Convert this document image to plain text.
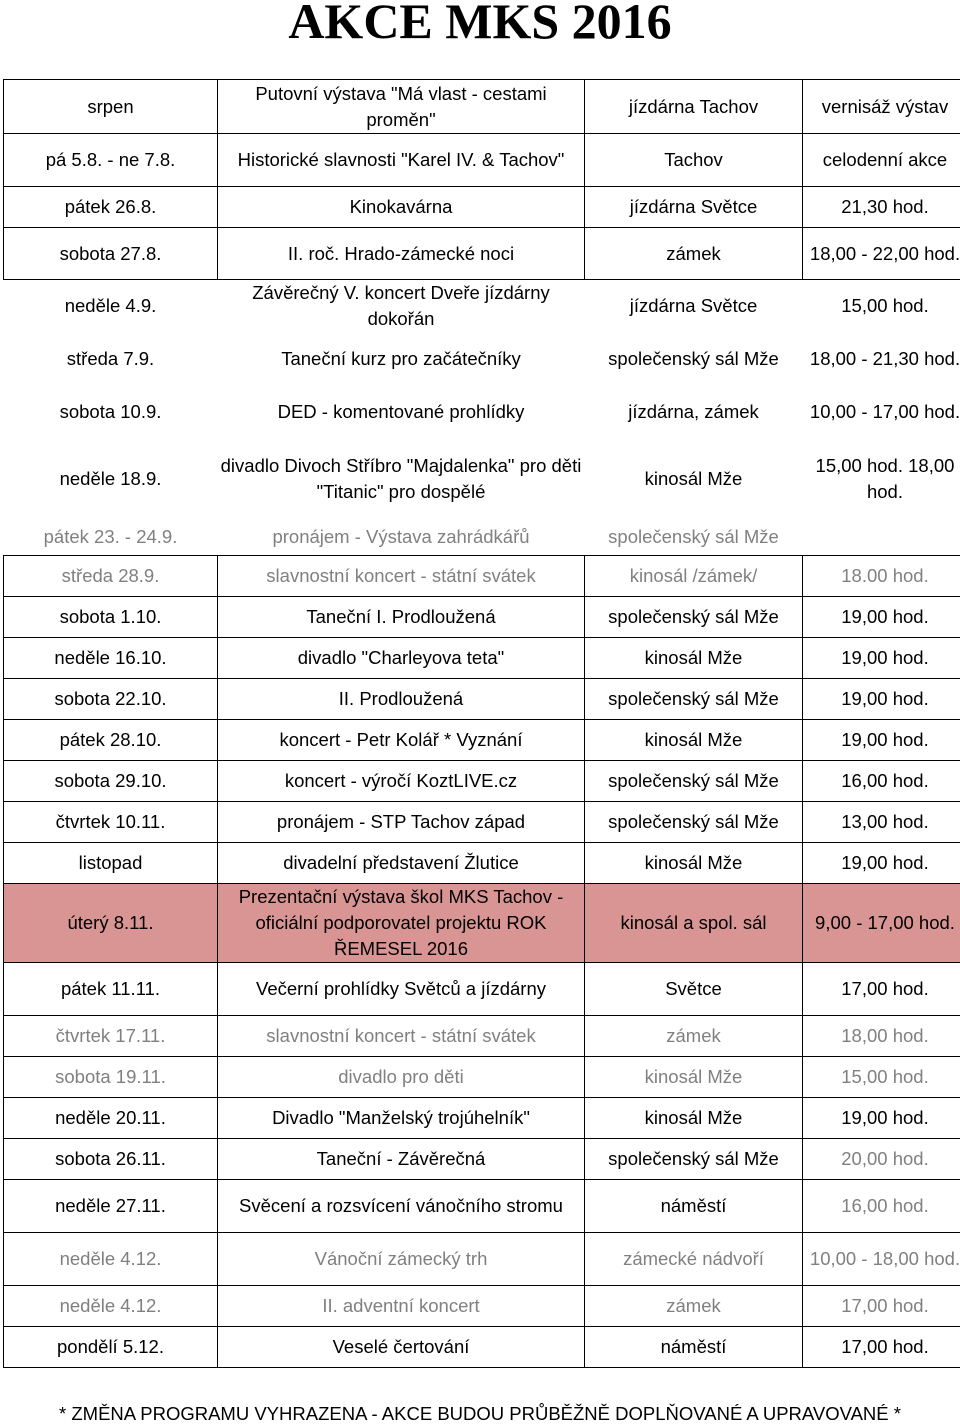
AKCE MKS 2016
srpen	Putovní výstava "Má vlast - cestami proměn"	jízdárna Tachov	vernisáž výstav
pá 5.8. - ne 7.8.	Historické slavnosti "Karel IV. & Tachov"	Tachov	celodenní akce
pátek 26.8.	Kinokavárna	jízdárna Světce	21,30 hod.
sobota 27.8.	II. roč. Hrado-zámecké noci	zámek	18,00 - 22,00 hod.
neděle 4.9.	Závěrečný V. koncert Dveře jízdárny dokořán	jízdárna Světce	15,00 hod.
středa 7.9.	Taneční kurz pro začátečníky	společenský sál Mže	18,00 - 21,30 hod.
sobota 10.9.	DED - komentované prohlídky	jízdárna, zámek	10,00 - 17,00 hod.
neděle 18.9.	divadlo Divoch Stříbro "Majdalenka" pro děti "Titanic" pro dospělé	kinosál Mže	15,00 hod. 18,00 hod.
pátek 23. - 24.9.	pronájem - Výstava zahrádkářů	společenský sál Mže	
středa 28.9.	slavnostní koncert - státní svátek	kinosál /zámek/	18.00 hod.
sobota 1.10.	Taneční I. Prodloužená	společenský sál Mže	19,00 hod.
neděle 16.10.	divadlo "Charleyova teta"	kinosál Mže	19,00 hod.
sobota 22.10.	II. Prodloužená	společenský sál Mže	19,00 hod.
pátek 28.10.	koncert - Petr Kolář * Vyznání	kinosál Mže	19,00 hod.
sobota 29.10.	koncert - výročí KoztLIVE.cz	společenský sál Mže	16,00 hod.
čtvrtek 10.11.	pronájem - STP Tachov západ	společenský sál Mže	13,00 hod.
listopad	divadelní představení Žlutice	kinosál Mže	19,00 hod.
úterý 8.11.	Prezentační výstava škol MKS Tachov - oficiální podporovatel projektu ROK ŘEMESEL 2016	kinosál a spol. sál	9,00 - 17,00 hod.
pátek 11.11.	Večerní prohlídky Světců a jízdárny	Světce	17,00 hod.
čtvrtek 17.11.	slavnostní koncert - státní svátek	zámek	18,00 hod.
sobota 19.11.	divadlo pro děti	kinosál Mže	15,00 hod.
neděle 20.11.	Divadlo "Manželský trojúhelník"	kinosál Mže	19,00 hod.
sobota 26.11.	Taneční - Závěrečná	společenský sál Mže	20,00 hod.
neděle 27.11.	Svěcení a rozsvícení vánočního stromu	náměstí	16,00 hod.
neděle 4.12.	Vánoční zámecký trh	zámecké nádvoří	10,00 - 18,00 hod.
neděle 4.12.	II. adventní koncert	zámek	17,00 hod.
pondělí 5.12.	Veselé čertování	náměstí	17,00 hod.
* ZMĚNA PROGRAMU VYHRAZENA - AKCE BUDOU PRŮBĚŽNĚ DOPLŇOVANÉ A UPRAVOVANÉ *
